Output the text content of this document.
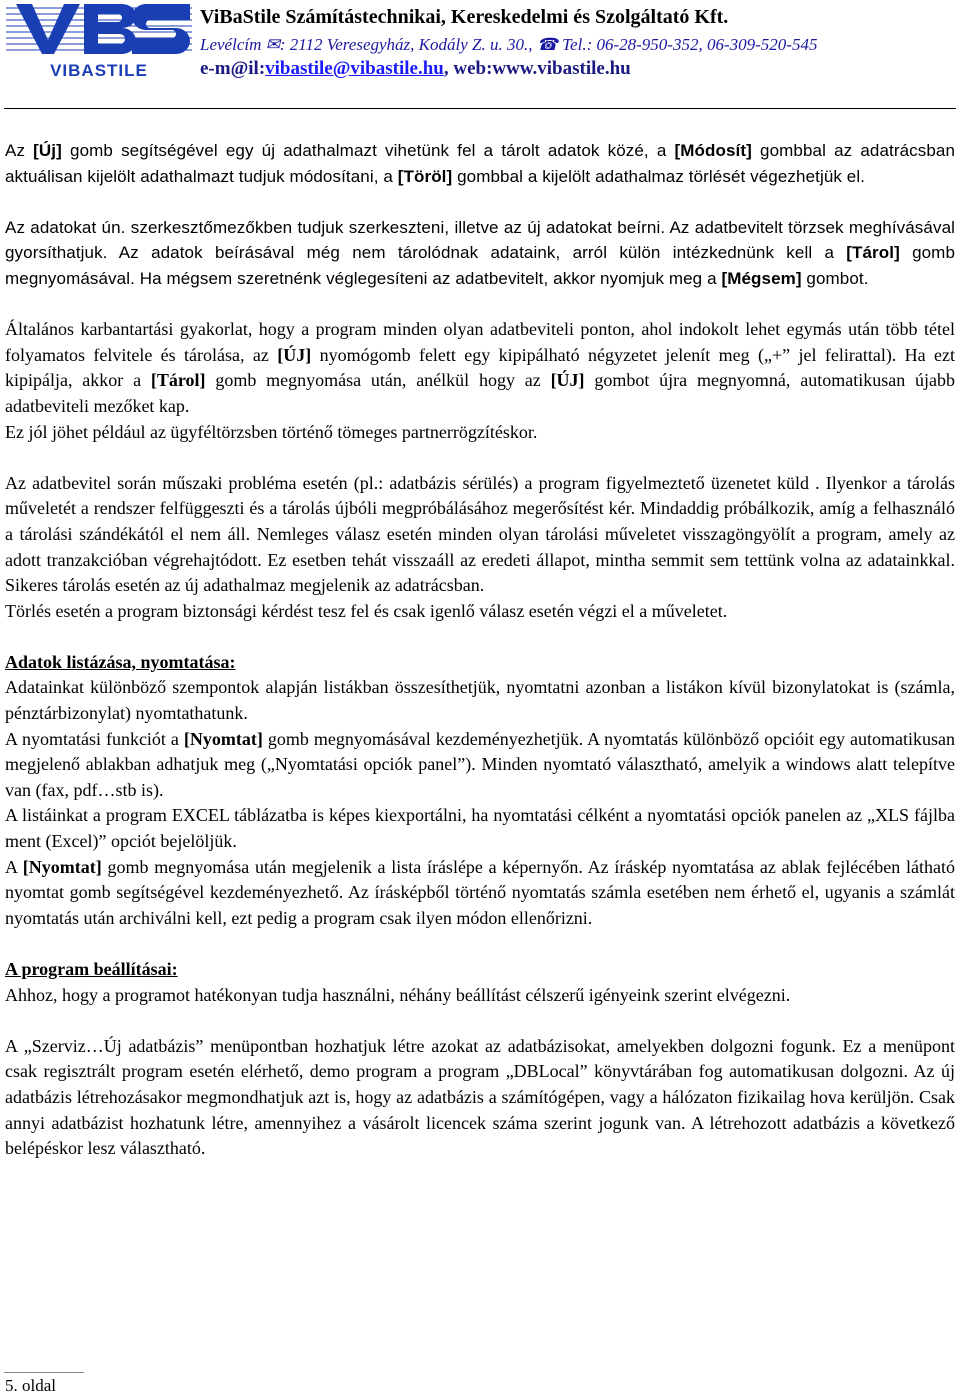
VIBASTILE
ViBaStile Számítástechnikai, Kereskedelmi és Szolgáltató Kft.
Levélcím ✉: 2112 Veresegyház, Kodály Z. u. 30., ☎ Tel.: 06-28-950-352, 06-309-520-545
e-m@il:vibastile@vibastile.hu, web:www.vibastile.hu

Az [Új] gomb segítségével egy új adathalmazt vihetünk fel a tárolt adatok közé, a [Módosít] gombbal az adatrácsban aktuálisan kijelölt adathalmazt tudjuk módosítani, a [Töröl] gombbal a kijelölt adathalmaz törlését végezhetjük el.

Az adatokat ún. szerkesztőmezőkben tudjuk szerkeszteni, illetve az új adatokat beírni. Az adatbevitelt törzsek meghívásával gyorsíthatjuk. Az adatok beírásával még nem tárolódnak adataink, arról külön intézkednünk kell a [Tárol] gomb megnyomásával. Ha mégsem szeretnénk véglegesíteni az adatbevitelt, akkor nyomjuk meg a [Mégsem] gombot.

Általános karbantartási gyakorlat, hogy a program minden olyan adatbeviteli ponton, ahol indokolt lehet egymás után több tétel folyamatos felvitele és tárolása, az [ÚJ] nyomógomb felett egy kipipálható négyzetet jelenít meg („+” jel felirattal). Ha ezt kipipálja, akkor a [Tárol] gomb megnyomása után, anélkül hogy az [ÚJ] gombot újra megnyomná, automatikusan újabb adatbeviteli mezőket kap.

Ez jól jöhet például az ügyféltörzsben történő tömeges partnerrögzítéskor.

Az adatbevitel során műszaki probléma esetén (pl.: adatbázis sérülés) a program figyelmeztető üzenetet küld . Ilyenkor a tárolás műveletét a rendszer felfüggeszti és a tárolás újbóli megpróbálásához megerősítést kér. Mindaddig próbálkozik, amíg a felhasználó a tárolási szándékától el nem áll. Nemleges válasz esetén minden olyan tárolási műveletet visszagöngyölít a program, amely az adott tranzakcióban végrehajtódott. Ez esetben tehát visszaáll az eredeti állapot, mintha semmit sem tettünk volna az adatainkkal. Sikeres tárolás esetén az új adathalmaz megjelenik az adatrácsban.

Törlés esetén a program biztonsági kérdést tesz fel és csak igenlő válasz esetén végzi el a műveletet.

Adatok listázása, nyomtatása:

Adatainkat különböző szempontok alapján listákban összesíthetjük, nyomtatni azonban a listákon kívül bizonylatokat is (számla, pénztárbizonylat) nyomtathatunk.

A nyomtatási funkciót a [Nyomtat] gomb megnyomásával kezdeményezhetjük. A nyomtatás különböző opcióit egy automatikusan megjelenő ablakban adhatjuk meg („Nyomtatási opciók panel”). Minden nyomtató választható, amelyik a windows alatt telepítve van (fax, pdf…stb is).

A listáinkat a program EXCEL táblázatba is képes kiexportálni, ha nyomtatási célként a nyomtatási opciók panelen az „XLS fájlba ment (Excel)” opciót bejelöljük.

A [Nyomtat] gomb megnyomása után megjelenik a lista íráslépe a képernyőn. Az íráskép nyomtatása az ablak fejlécében látható nyomtat gomb segítségével kezdeményezhető. Az írásképből történő nyomtatás számla esetében nem érhető el, ugyanis a számlát nyomtatás után archiválni kell, ezt pedig a program csak ilyen módon ellenőrizni.

A program beállításai:

Ahhoz, hogy a programot hatékonyan tudja használni, néhány beállítást célszerű igényeink szerint elvégezni.

A „Szerviz…Új adatbázis” menüpontban hozhatjuk létre azokat az adatbázisokat, amelyekben dolgozni fogunk. Ez a menüpont csak regisztrált program esetén elérhető, demo program a program „DBLocal” könyvtárában fog automatikusan dolgozni. Az új adatbázis létrehozásakor megmondhatjuk azt is, hogy az adatbázis a számítógépen, vagy a hálózaton fizikailag hova kerüljön. Csak annyi adatbázist hozhatunk létre, amennyihez a vásárolt licencek száma szerint jogunk van. A létrehozott adatbázis a következő belépéskor lesz választható.

5. oldal
